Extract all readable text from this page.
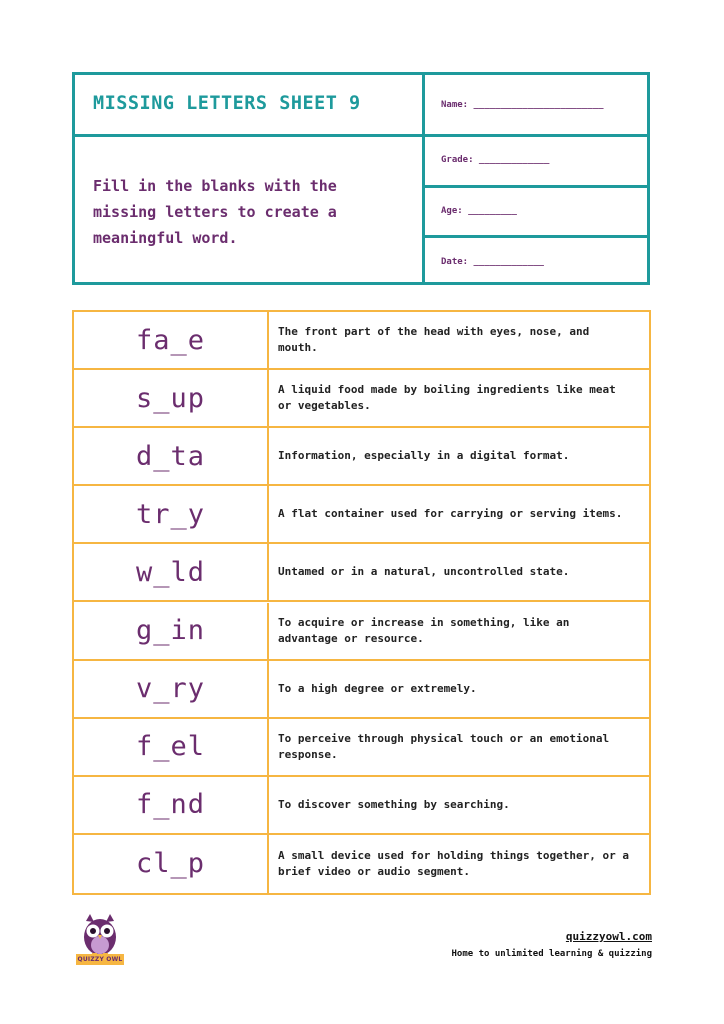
MISSING LETTERS SHEET 9
Fill in the blanks with the missing letters to create a meaningful word.
Name: ________________________
Grade: _____________
Age: _________
Date: _____________
fa_e	The front part of the head with eyes, nose, and mouth.
s_up	A liquid food made by boiling ingredients like meat or vegetables.
d_ta	Information, especially in a digital format.
tr_y	A flat container used for carrying or serving items.
w_ld	Untamed or in a natural, uncontrolled state.
g_in	To acquire or increase in something, like an advantage or resource.
v_ry	To a high degree or extremely.
f_el	To perceive through physical touch or an emotional response.
f_nd	To discover something by searching.
cl_p	A small device used for holding things together, or a brief video or audio segment.
QUIZZY OWL
quizzyowl.com
Home to unlimited learning & quizzing
